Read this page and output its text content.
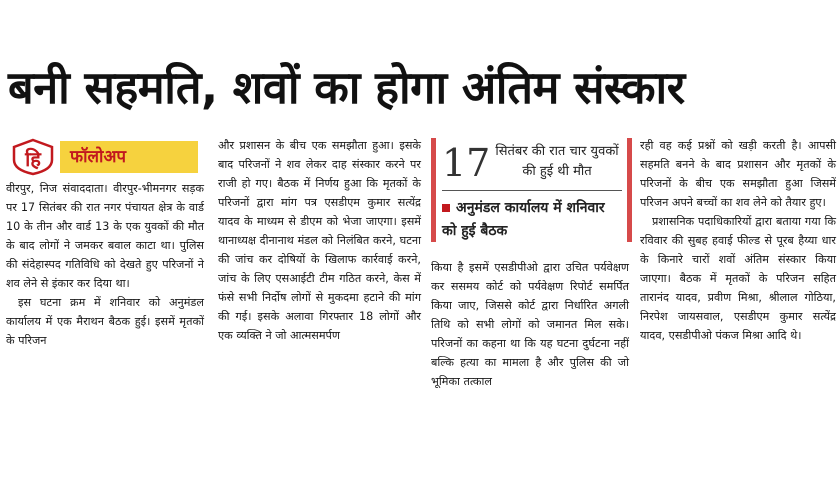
बनी सहमति, शवों का होगा अंतिम संस्कार
हि	फॉलोअप

वीरपुर, निज संवाददाता। वीरपुर-भीमनगर सड़क पर 17 सितंबर की रात नगर पंचायत क्षेत्र के वार्ड 10 के तीन और वार्ड 13 के एक युवकों की मौत के बाद लोगों ने जमकर बवाल काटा था। पुलिस की संदेहास्पद गतिविधि को देखते हुए परिजनों ने शव लेने से इंकार कर दिया था।

इस घटना क्रम में शनिवार को अनुमंडल कार्यालय में एक मैराथन बैठक हुई। इसमें मृतकों के परिजन

और प्रशासन के बीच एक समझौता हुआ। इसके बाद परिजनों ने शव लेकर दाह संस्कार करने पर राजी हो गए। बैठक में निर्णय हुआ कि मृतकों के परिजनों द्वारा मांग पत्र एसडीएम कुमार सत्येंद्र यादव के माध्यम से डीएम को भेजा जाएगा। इसमें थानाध्यक्ष दीनानाथ मंडल को निलंबित करने, घटना की जांच कर दोषियों के खिलाफ कार्रवाई करने, जांच के लिए एसआईटी टीम गठित करने, केस में फंसे सभी निर्दोष लोगों से मुकदमा हटाने की मांग की गई। इसके अलावा गिरफ्तार 18 लोगों और एक व्यक्ति ने जो आत्मसमर्पण

17 सितंबर की रात चार युवकों की हुई थी मौत
अनुमंडल कार्यालय में शनिवार को हुई बैठक

किया है इसमें एसडीपीओ द्वारा उचित पर्यवेक्षण कर ससमय कोर्ट को पर्यवेक्षण रिपोर्ट समर्पित किया जाए, जिससे कोर्ट द्वारा निर्धारित अगली तिथि को सभी लोगों को जमानत मिल सके। परिजनों का कहना था कि यह घटना दुर्घटना नहीं बल्कि हत्या का मामला है और पुलिस की जो भूमिका तत्काल

रही वह कई प्रश्नों को खड़ी करती है। आपसी सहमति बनने के बाद प्रशासन और मृतकों के परिजनों के बीच एक समझौता हुआ जिसमें परिजन अपने बच्चों का शव लेने को तैयार हुए।

प्रशासनिक पदाधिकारियों द्वारा बताया गया कि रविवार की सुबह हवाई फील्ड से पूरब हैय्या धार के किनारे चारों शवों अंतिम संस्कार किया जाएगा। बैठक में मृतकों के परिजन सहित तारानंद यादव, प्रवीण मिश्रा, श्रीलाल गोठिया, निरपेश जायसवाल, एसडीएम कुमार सत्येंद्र यादव, एसडीपीओ पंकज मिश्रा आदि थे।
